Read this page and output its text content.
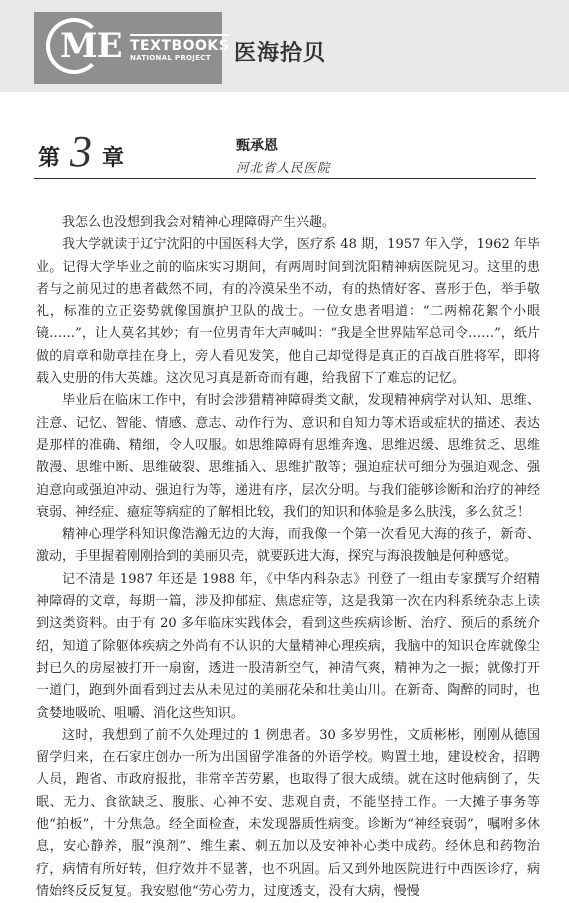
ME TEXTBOOKS
NATIONAL PROJECT	医海拾贝
第 3 章	甄承恩
河北省人民医院

我怎么也没想到我会对精神心理障碍产生兴趣。

我大学就读于辽宁沈阳的中国医科大学，医疗系 48 期，1957 年入学，1962 年毕业。记得大学毕业之前的临床实习期间，有两周时间到沈阳精神病医院见习。这里的患者与之前见过的患者截然不同，有的冷漠呆坐不动，有的热情好客、喜形于色，举手敬礼，标准的立正姿势就像国旗护卫队的战士。一位女患者唱道：“二两棉花絮个小眼镜……”，让人莫名其妙；有一位男青年大声喊叫：“我是全世界陆军总司令……”，纸片做的肩章和勋章挂在身上，旁人看见发笑，他自己却觉得是真正的百战百胜将军，即将载入史册的伟大英雄。这次见习真是新奇而有趣，给我留下了难忘的记忆。

毕业后在临床工作中，有时会涉猎精神障碍类文献，发现精神病学对认知、思维、注意、记忆、智能、情感、意志、动作行为、意识和自知力等术语或症状的描述、表达是那样的准确、精细，令人叹服。如思维障碍有思维奔逸、思维迟缓、思维贫乏、思维散漫、思维中断、思维破裂、思维插入、思维扩散等；强迫症状可细分为强迫观念、强迫意向或强迫冲动、强迫行为等，递进有序，层次分明。与我们能够诊断和治疗的神经衰弱、神经症、癔症等病症的了解相比较，我们的知识和体验是多么肤浅，多么贫乏！

精神心理学科知识像浩瀚无边的大海，而我像一个第一次看见大海的孩子，新奇、激动，手里握着刚刚拾到的美丽贝壳，就要跃进大海，探究与海浪拨触是何种感觉。

记不清是 1987 年还是 1988 年，《中华内科杂志》刊登了一组由专家撰写介绍精神障碍的文章，每期一篇，涉及抑郁症、焦虑症等，这是我第一次在内科系统杂志上读到这类资料。由于有 20 多年临床实践体会，看到这些疾病诊断、治疗、预后的系统介绍，知道了除躯体疾病之外尚有不认识的大量精神心理疾病，我脑中的知识仓库就像尘封已久的房屋被打开一扇窗，透进一股清新空气，神清气爽，精神为之一振；就像打开一道门，跑到外面看到过去从未见过的美丽花朵和壮美山川。在新奇、陶醉的同时，也贪婪地吸吮、咀嚼、消化这些知识。

这时，我想到了前不久处理过的 1 例患者。30 多岁男性，文质彬彬，刚刚从德国留学归来，在石家庄创办一所为出国留学准备的外语学校。购置土地，建设校舍，招聘人员，跑省、市政府报批，非常辛苦劳累，也取得了很大成绩。就在这时他病倒了，失眠、无力、食欲缺乏、腹胀、心神不安、悲观自责，不能坚持工作。一大摊子事务等他“拍板”，十分焦急。经全面检查，未发现器质性病变。诊断为“神经衰弱”，嘱咐多休息，安心静养，服“溴剂”、维生素、刺五加以及安神补心类中成药。经休息和药物治疗，病情有所好转，但疗效并不显著，也不巩固。后又到外地医院进行中西医诊疗，病情始终反反复复。我安慰他“劳心劳力，过度透支，没有大病，慢慢
